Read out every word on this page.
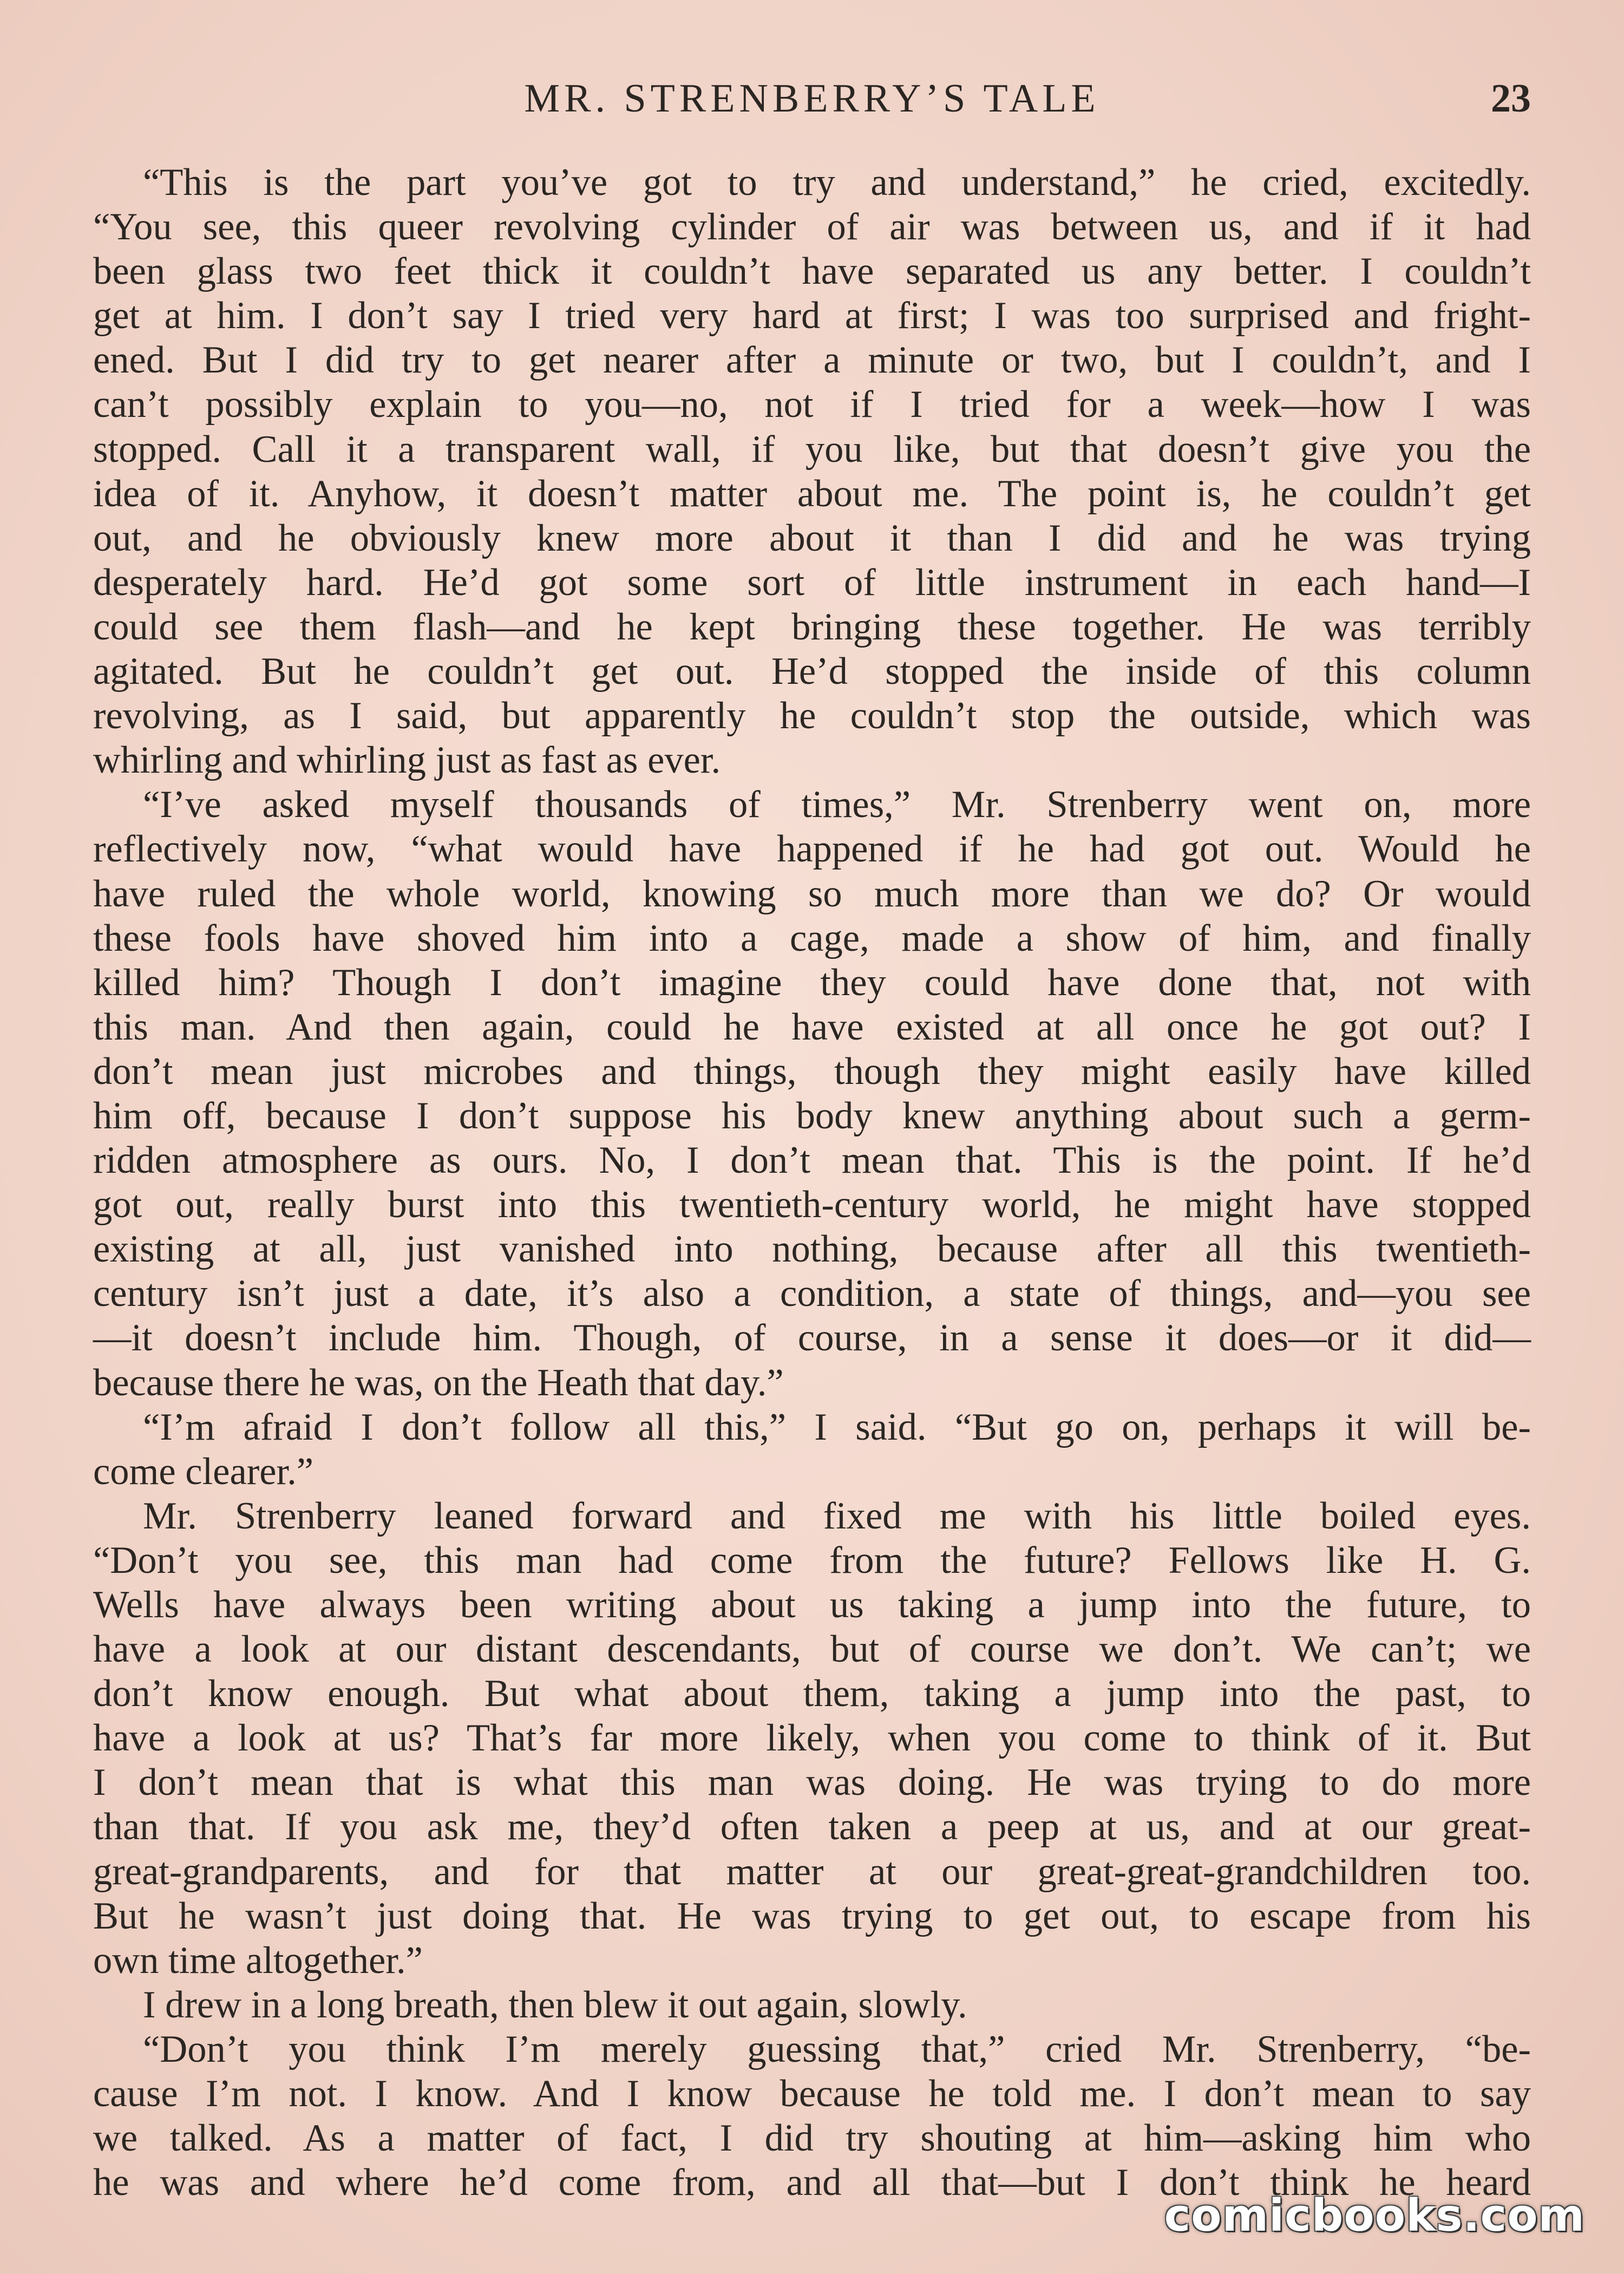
MR. STRENBERRY’S TALE	23
“This is the part you’ve got to try and understand,” he cried, excitedly.
“You see, this queer revolving cylinder of air was between us, and if it had
been glass two feet thick it couldn’t have separated us any better. I couldn’t
get at him. I don’t say I tried very hard at first; I was too surprised and fright-
ened. But I did try to get nearer after a minute or two, but I couldn’t, and I
can’t possibly explain to you—no, not if I tried for a week—how I was
stopped. Call it a transparent wall, if you like, but that doesn’t give you the
idea of it. Anyhow, it doesn’t matter about me. The point is, he couldn’t get
out, and he obviously knew more about it than I did and he was trying
desperately hard. He’d got some sort of little instrument in each hand—I
could see them flash—and he kept bringing these together. He was terribly
agitated. But he couldn’t get out. He’d stopped the inside of this column
revolving, as I said, but apparently he couldn’t stop the outside, which was
whirling and whirling just as fast as ever.
“I’ve asked myself thousands of times,” Mr. Strenberry went on, more
reflectively now, “what would have happened if he had got out. Would he
have ruled the whole world, knowing so much more than we do? Or would
these fools have shoved him into a cage, made a show of him, and finally
killed him? Though I don’t imagine they could have done that, not with
this man. And then again, could he have existed at all once he got out? I
don’t mean just microbes and things, though they might easily have killed
him off, because I don’t suppose his body knew anything about such a germ-
ridden atmosphere as ours. No, I don’t mean that. This is the point. If he’d
got out, really burst into this twentieth-century world, he might have stopped
existing at all, just vanished into nothing, because after all this twentieth-
century isn’t just a date, it’s also a condition, a state of things, and—you see
—it doesn’t include him. Though, of course, in a sense it does—or it did—
because there he was, on the Heath that day.”
“I’m afraid I don’t follow all this,” I said. “But go on, perhaps it will be-
come clearer.”
Mr. Strenberry leaned forward and fixed me with his little boiled eyes.
“Don’t you see, this man had come from the future? Fellows like H. G.
Wells have always been writing about us taking a jump into the future, to
have a look at our distant descendants, but of course we don’t. We can’t; we
don’t know enough. But what about them, taking a jump into the past, to
have a look at us? That’s far more likely, when you come to think of it. But
I don’t mean that is what this man was doing. He was trying to do more
than that. If you ask me, they’d often taken a peep at us, and at our great-
great-grandparents, and for that matter at our great-great-grandchildren too.
But he wasn’t just doing that. He was trying to get out, to escape from his
own time altogether.”
I drew in a long breath, then blew it out again, slowly.
“Don’t you think I’m merely guessing that,” cried Mr. Strenberry, “be-
cause I’m not. I know. And I know because he told me. I don’t mean to say
we talked. As a matter of fact, I did try shouting at him—asking him who
he was and where he’d come from, and all that—but I don’t think he heard
comicbooks.com
